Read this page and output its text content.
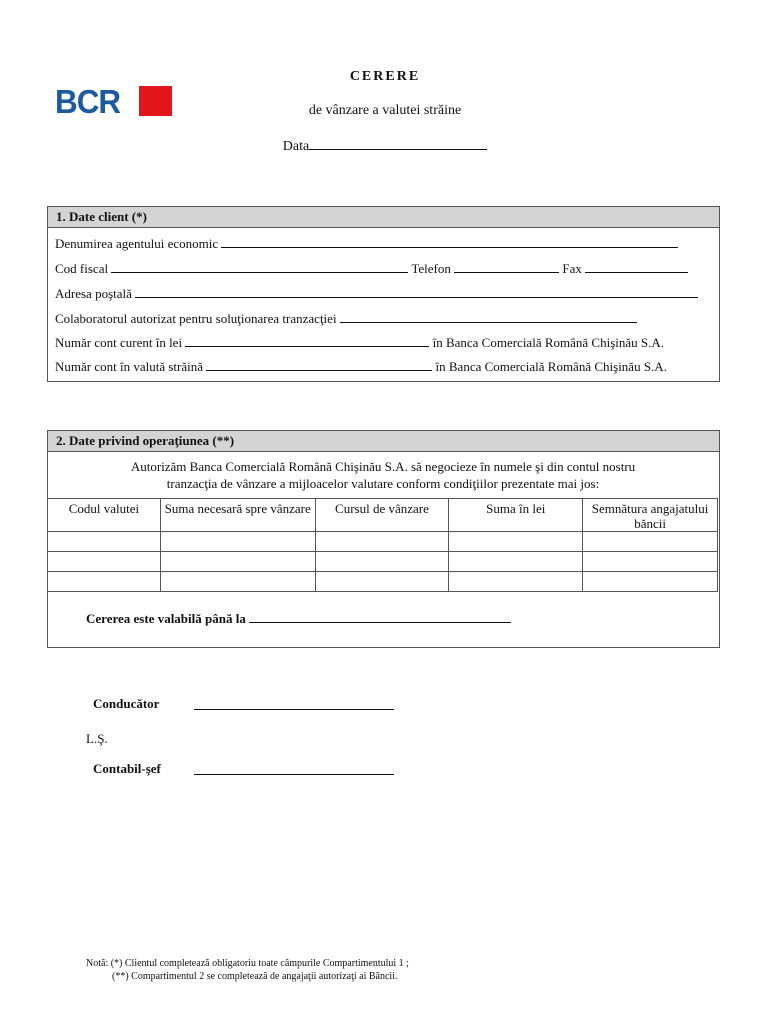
BCR
CERERE
de vânzare a valutei străine
Data
1. Date client (*)
Denumirea agentului economic
Cod fiscal	Telefon	Fax
Adresa poştală
Colaboratorul autorizat pentru soluţionarea tranzacţiei
Număr cont curent în lei	în Banca Comercială Română Chişinău S.A.
Număr cont în valută străină	în Banca Comercială Română Chişinău S.A.
2. Date privind operaţiunea (**)
Autorizăm Banca Comercială Română Chişinău S.A. să negocieze în numele şi din contul nostru
tranzacţia de vânzare a mijloacelor valutare conform condiţiilor prezentate mai jos:
Codul valutei	Suma necesară spre vânzare	Cursul de vânzare	Suma în lei	Semnătura angajatului băncii

Cererea este valabilă până la
Conducător
L.Ş.
Contabil-şef
Notă: (*) Clientul completează obligatoriu toate câmpurile Compartimentului 1 ;
(**) Compartimentul 2 se completează de angajaţii autorizaţi ai Băncii.
